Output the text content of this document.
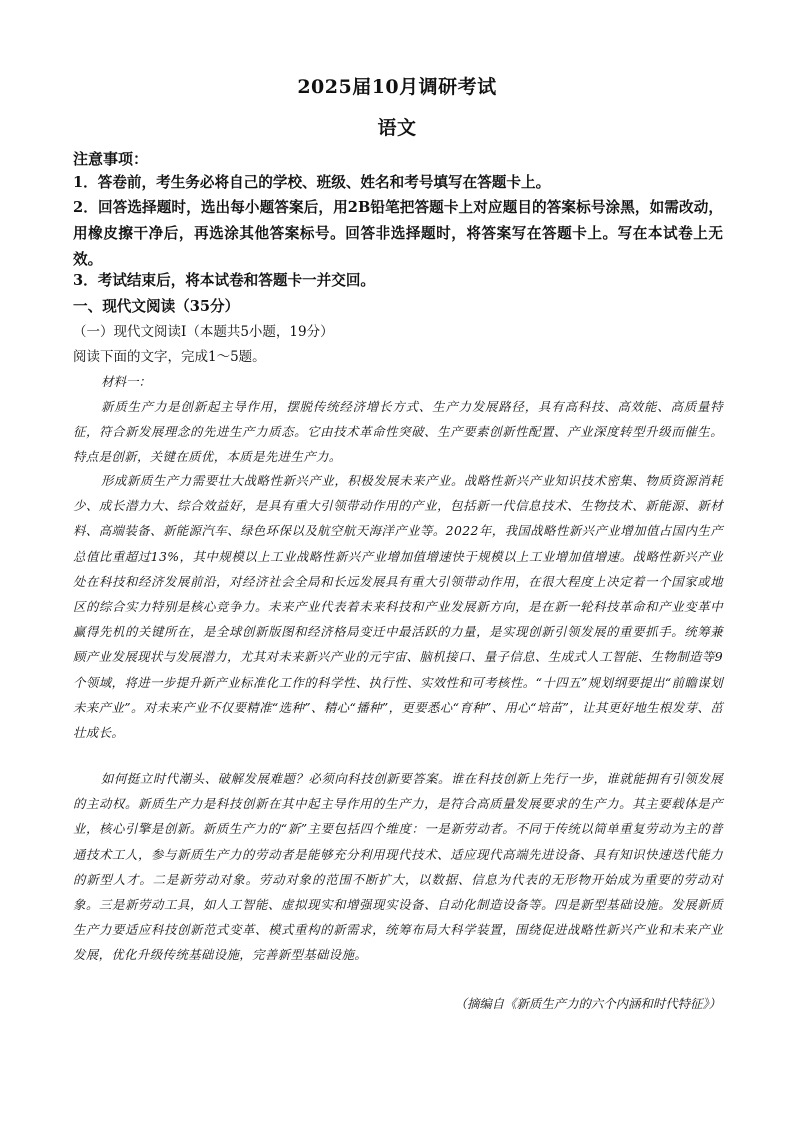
2025届10月调研考试
语文
注意事项：
1．答卷前，考生务必将自己的学校、班级、姓名和考号填写在答题卡上。
2．回答选择题时，选出每小题答案后，用2B铅笔把答题卡上对应题目的答案标号涂黑，如需改动，用橡皮擦干净后，再选涂其他答案标号。回答非选择题时，将答案写在答题卡上。写在本试卷上无效。
3．考试结束后，将本试卷和答题卡一并交回。
一、现代文阅读（35分）
（一）现代文阅读Ⅰ（本题共5小题，19分）
阅读下面的文字，完成1～5题。
材料一：
新质生产力是创新起主导作用，摆脱传统经济增长方式、生产力发展路径，具有高科技、高效能、高质量特征，符合新发展理念的先进生产力质态。它由技术革命性突破、生产要素创新性配置、产业深度转型升级而催生。特点是创新，关键在质优，本质是先进生产力。
形成新质生产力需要壮大战略性新兴产业，积极发展未来产业。战略性新兴产业知识技术密集、物质资源消耗少、成长潜力大、综合效益好，是具有重大引领带动作用的产业，包括新一代信息技术、生物技术、新能源、新材料、高端装备、新能源汽车、绿色环保以及航空航天海洋产业等。2022年，我国战略性新兴产业增加值占国内生产总值比重超过13%，其中规模以上工业战略性新兴产业增加值增速快于规模以上工业增加值增速。战略性新兴产业处在科技和经济发展前沿，对经济社会全局和长远发展具有重大引领带动作用，在很大程度上决定着一个国家或地区的综合实力特别是核心竞争力。未来产业代表着未来科技和产业发展新方向，是在新一轮科技革命和产业变革中赢得先机的关键所在，是全球创新版图和经济格局变迁中最活跃的力量，是实现创新引领发展的重要抓手。统筹兼顾产业发展现状与发展潜力，尤其对未来新兴产业的元宇宙、脑机接口、量子信息、生成式人工智能、生物制造等9个领域，将进一步提升新产业标准化工作的科学性、执行性、实效性和可考核性。“十四五”规划纲要提出“前瞻谋划未来产业”。对未来产业不仅要精准“选种”、精心“播种”，更要悉心“育种”、用心“培苗”，让其更好地生根发芽、茁壮成长。
如何挺立时代潮头、破解发展难题？必须向科技创新要答案。谁在科技创新上先行一步，谁就能拥有引领发展的主动权。新质生产力是科技创新在其中起主导作用的生产力，是符合高质量发展要求的生产力。其主要载体是产业，核心引擎是创新。新质生产力的“新”主要包括四个维度：一是新劳动者。不同于传统以简单重复劳动为主的普通技术工人，参与新质生产力的劳动者是能够充分利用现代技术、适应现代高端先进设备、具有知识快速迭代能力的新型人才。二是新劳动对象。劳动对象的范围不断扩大，以数据、信息为代表的无形物开始成为重要的劳动对象。三是新劳动工具，如人工智能、虚拟现实和增强现实设备、自动化制造设备等。四是新型基础设施。发展新质生产力要适应科技创新范式变革、模式重构的新需求，统筹布局大科学装置，围绕促进战略性新兴产业和未来产业发展，优化升级传统基础设施，完善新型基础设施。
（摘编自《新质生产力的六个内涵和时代特征》）
